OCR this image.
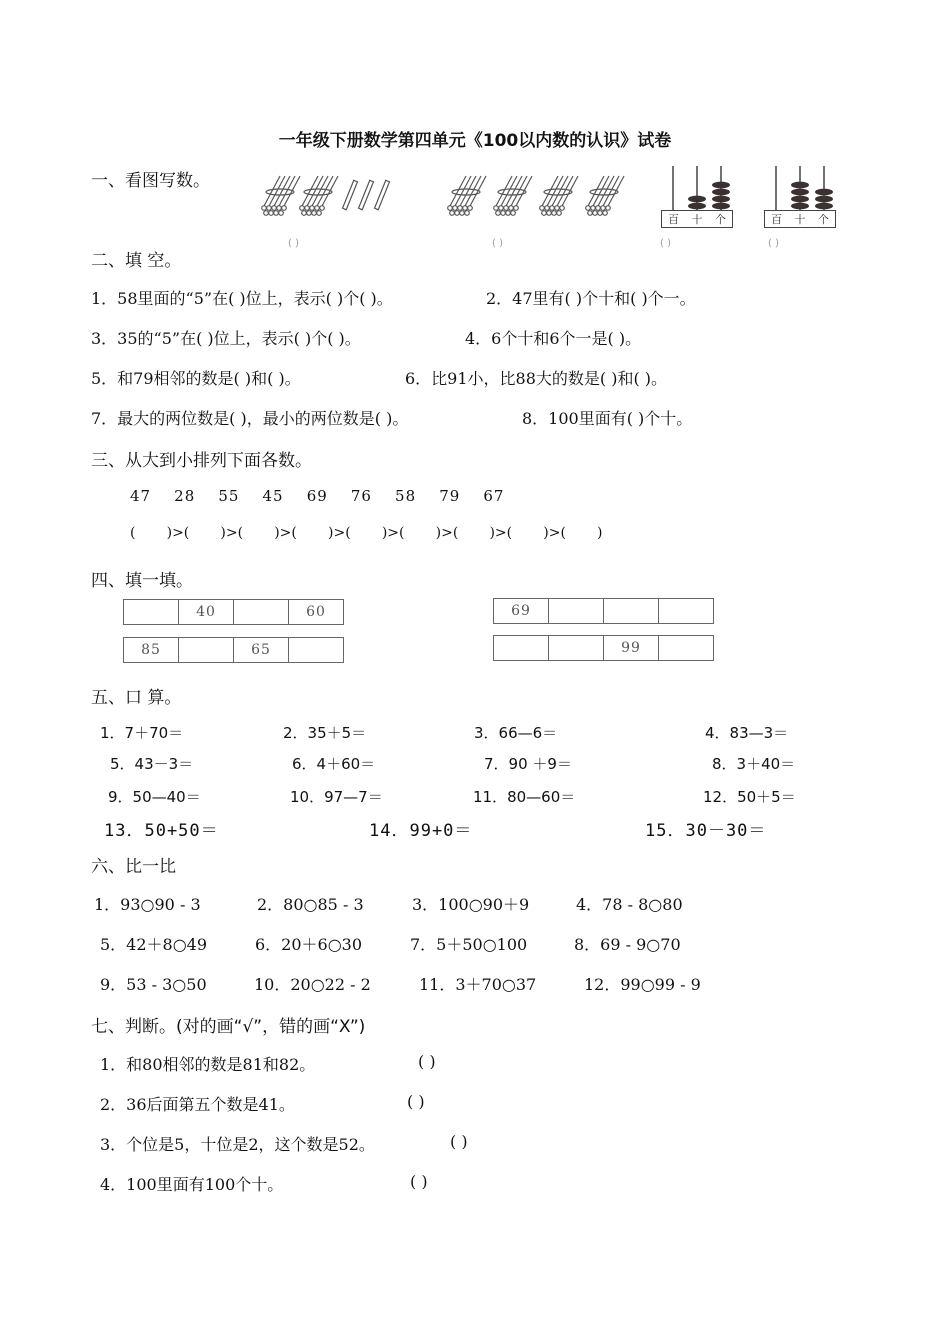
一年级下册数学第四单元《100以内数的认识》试卷
一、看图写数。
( )	( )
百 十 个
( )
百 十 个
( )
二、填 空。
1．58里面的“5”在( )位上，表示( )个( )。	2．47里有( )个十和( )个一。
3．35的“5”在( )位上，表示( )个( )。	4．6个十和6个一是( )。
5．和79相邻的数是( )和( )。	6．比91小，比88大的数是( )和( )。
7．最大的两位数是( )，最小的两位数是( )。	8．100里面有( )个十。
三、从大到小排列下面各数。
47 28 55 45 69 76 58 79 67
(       )>(       )>(       )>(       )>(       )>(       )>(       )>(       )>(       )
四、填一填。
	40		60
85		65	
69			
		99	
五、口 算。
1．7＋70＝	2．35＋5＝	3．66—6＝	4．83—3＝
5．43－3＝	6．4＋60＝	7．90 ＋9＝	8．3＋40＝
9．50—40＝	10．97—7＝	11．80—60＝	12．50＋5＝
13．50+50＝	14．99+0＝	15．30－30＝
六、比一比
1．93○90 - 3	2．80○85 - 3	3．100○90＋9	4．78 - 8○80
5．42＋8○49	6．20＋6○30	7．5＋50○100	8．69 - 9○70
9．53 - 3○50	10．20○22 - 2	11．3＋70○37	12．99○99 - 9
七、判断。(对的画“√”，错的画“X”)
1．和80相邻的数是81和82。	( )
2．36后面第五个数是41。	( )
3．个位是5，十位是2，这个数是52。	( )
4．100里面有100个十。	( )
